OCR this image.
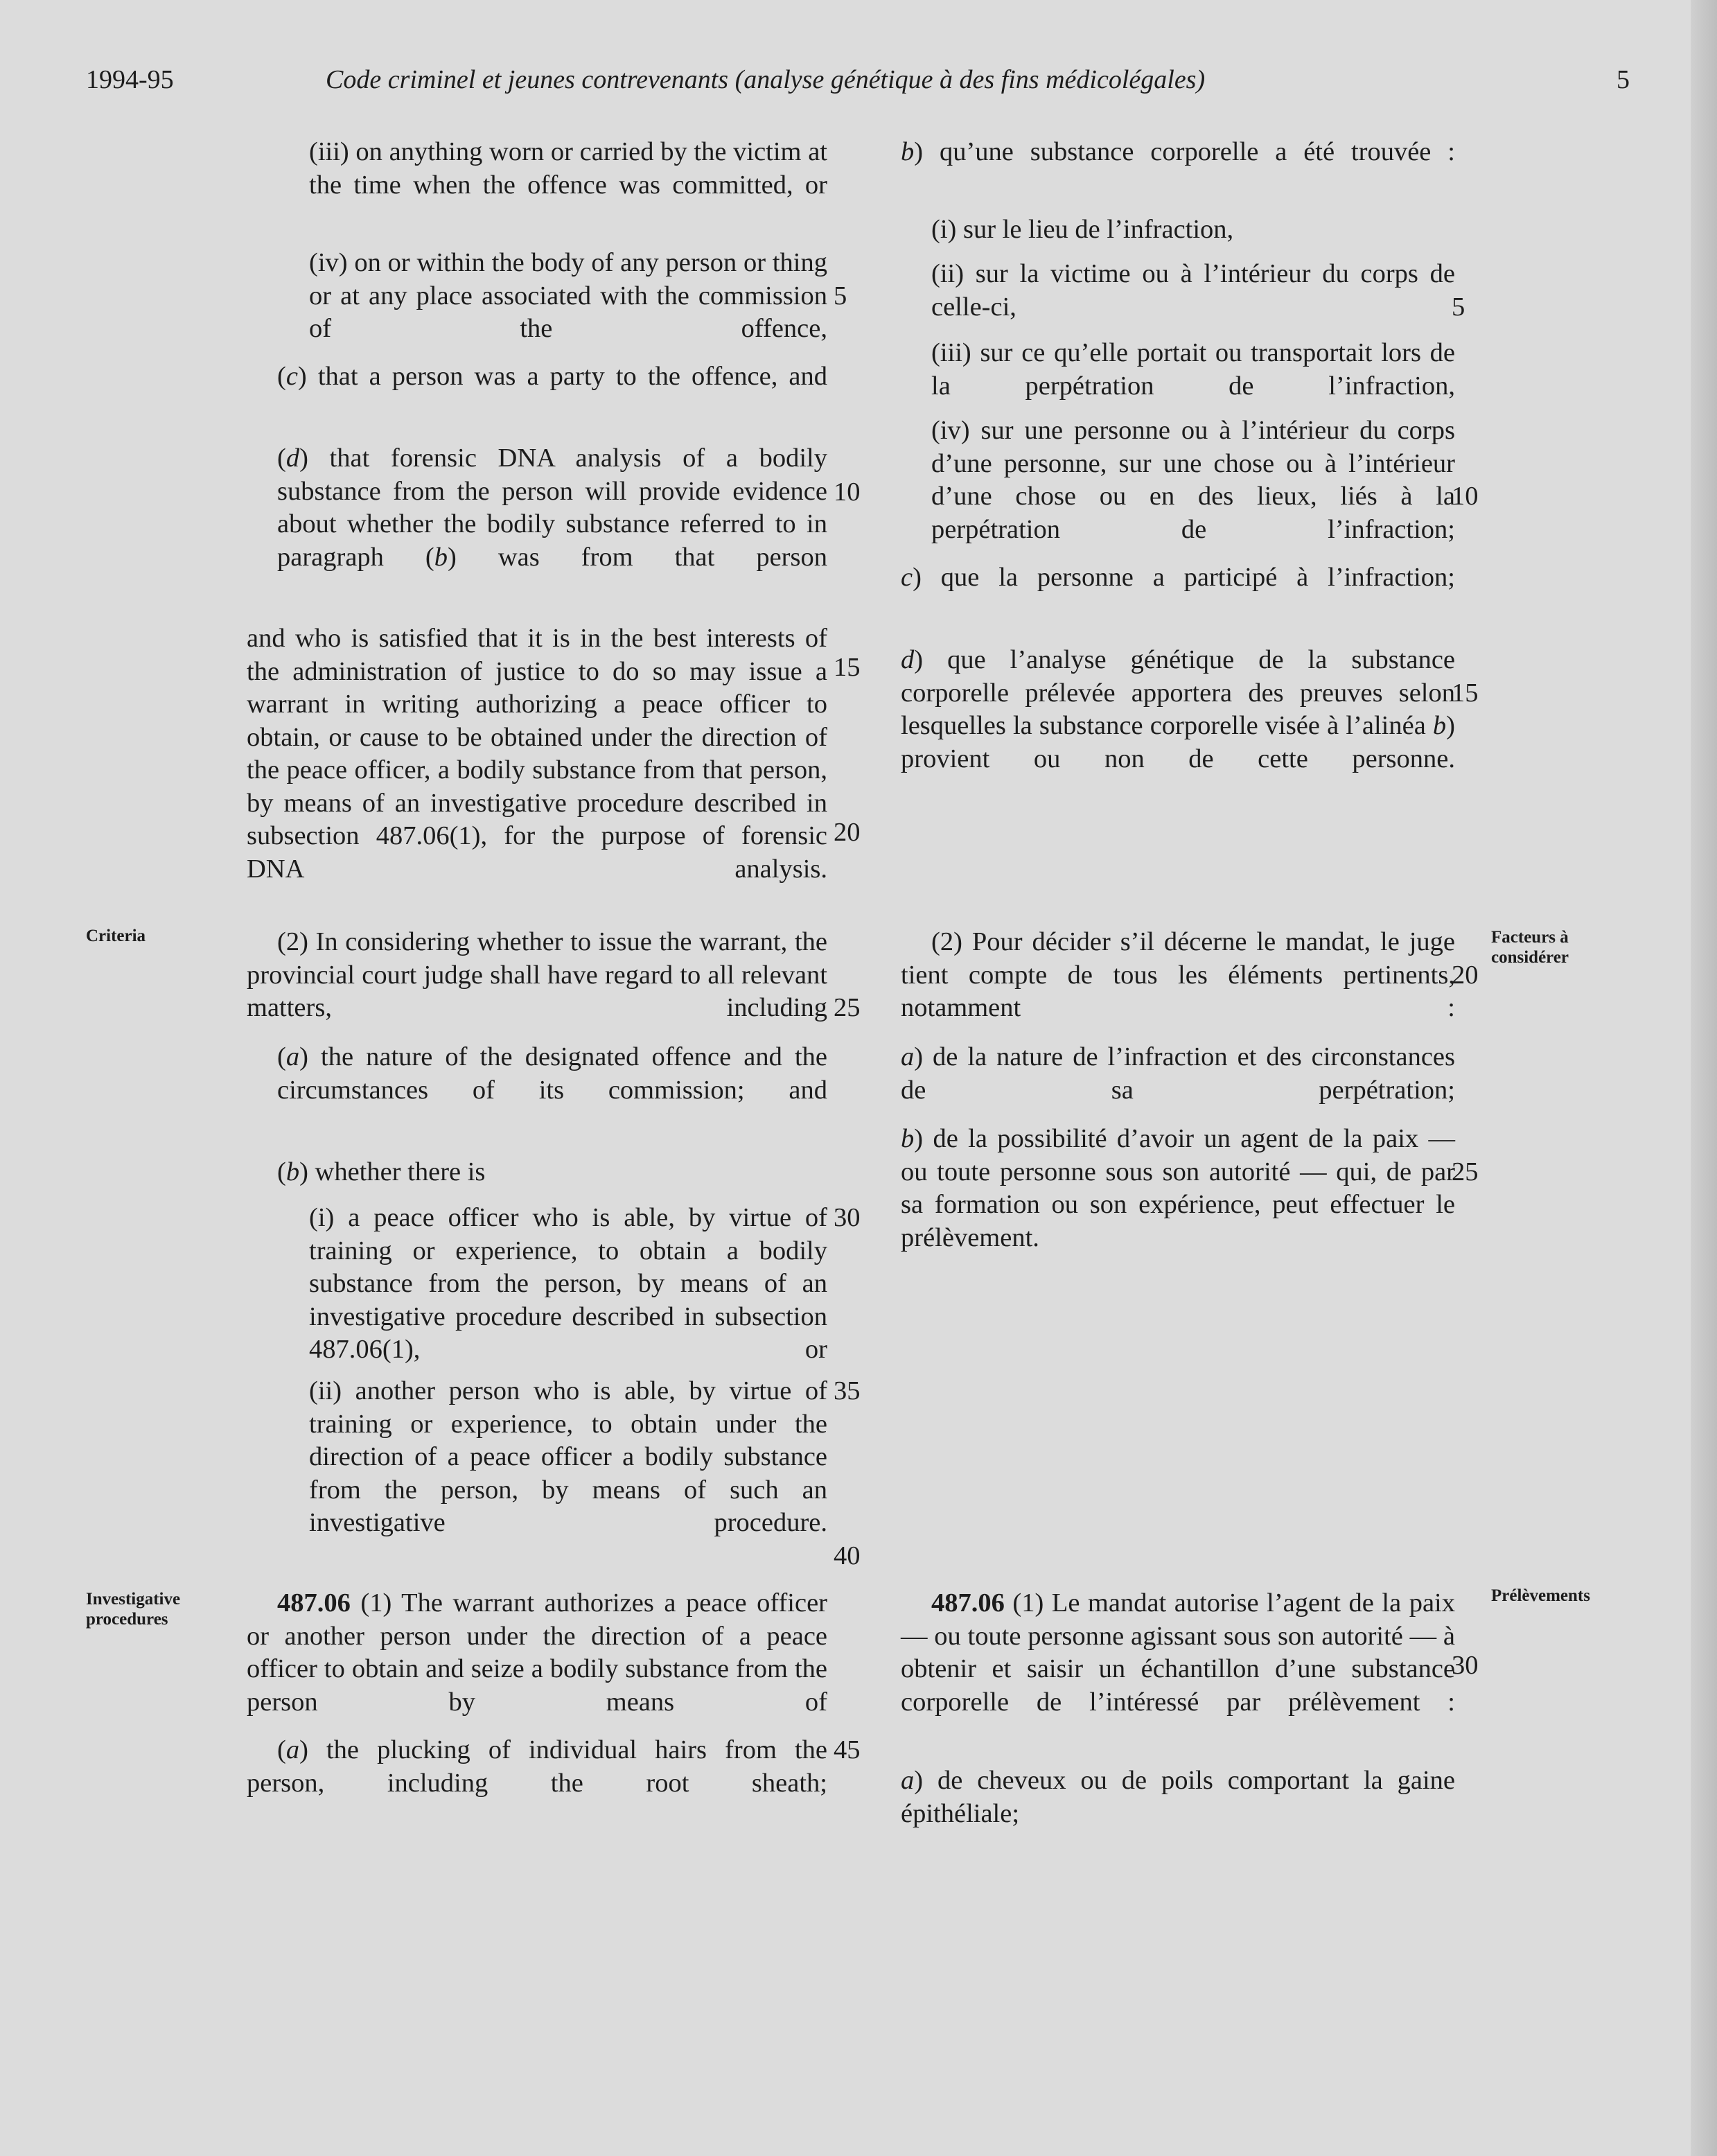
1994-95	Code criminel et jeunes contrevenants (analyse génétique à des fins médicolégales)	5
Criteria	Facteurs à
considérer
Investigative
procedures
Prélèvements
5
10
15
20
25
30
35
40
45
5
10
15
20
25
30

(iii) on anything worn or carried by the victim at the time when the offence was committed, or

(iv) on or within the body of any person or thing or at any place associated with the commission of the offence,

(c) that a person was a party to the offence, and

(d) that forensic DNA analysis of a bodily substance from the person will provide evidence about whether the bodily substance referred to in paragraph (b) was from that person

and who is satisfied that it is in the best interests of the administration of justice to do so may issue a warrant in writing authorizing a peace officer to obtain, or cause to be obtained under the direction of the peace officer, a bodily substance from that person, by means of an investigative procedure described in subsection 487.06(1), for the purpose of forensic DNA analysis.

(2) In considering whether to issue the warrant, the provincial court judge shall have regard to all relevant matters, including

(a) the nature of the designated offence and the circumstances of its commission; and

(b) whether there is

(i) a peace officer who is able, by virtue of training or experience, to obtain a bodily substance from the person, by means of an investigative procedure described in subsection 487.06(1), or

(ii) another person who is able, by virtue of training or experience, to obtain under the direction of a peace officer a bodily substance from the person, by means of such an investigative procedure.

487.06 (1) The warrant authorizes a peace officer or another person under the direction of a peace officer to obtain and seize a bodily substance from the person by means of

(a) the plucking of individual hairs from the person, including the root sheath;

b) qu’une substance corporelle a été trouvée :

(i) sur le lieu de l’infraction,

(ii) sur la victime ou à l’intérieur du corps de celle-ci,

(iii) sur ce qu’elle portait ou transportait lors de la perpétration de l’infraction,

(iv) sur une personne ou à l’intérieur du corps d’une personne, sur une chose ou à l’intérieur d’une chose ou en des lieux, liés à la perpétration de l’infraction;

c) que la personne a participé à l’infraction;

d) que l’analyse génétique de la substance corporelle prélevée apportera des preuves selon lesquelles la substance corporelle visée à l’alinéa b) provient ou non de cette personne.

(2) Pour décider s’il décerne le mandat, le juge tient compte de tous les éléments pertinents, notamment :

a) de la nature de l’infraction et des circonstances de sa perpétration;

b) de la possibilité d’avoir un agent de la paix — ou toute personne sous son autorité — qui, de par sa formation ou son expérience, peut effectuer le prélèvement.

487.06 (1) Le mandat autorise l’agent de la paix — ou toute personne agissant sous son autorité — à obtenir et saisir un échantillon d’une substance corporelle de l’intéressé par prélèvement :

a) de cheveux ou de poils comportant la gaine épithéliale;
